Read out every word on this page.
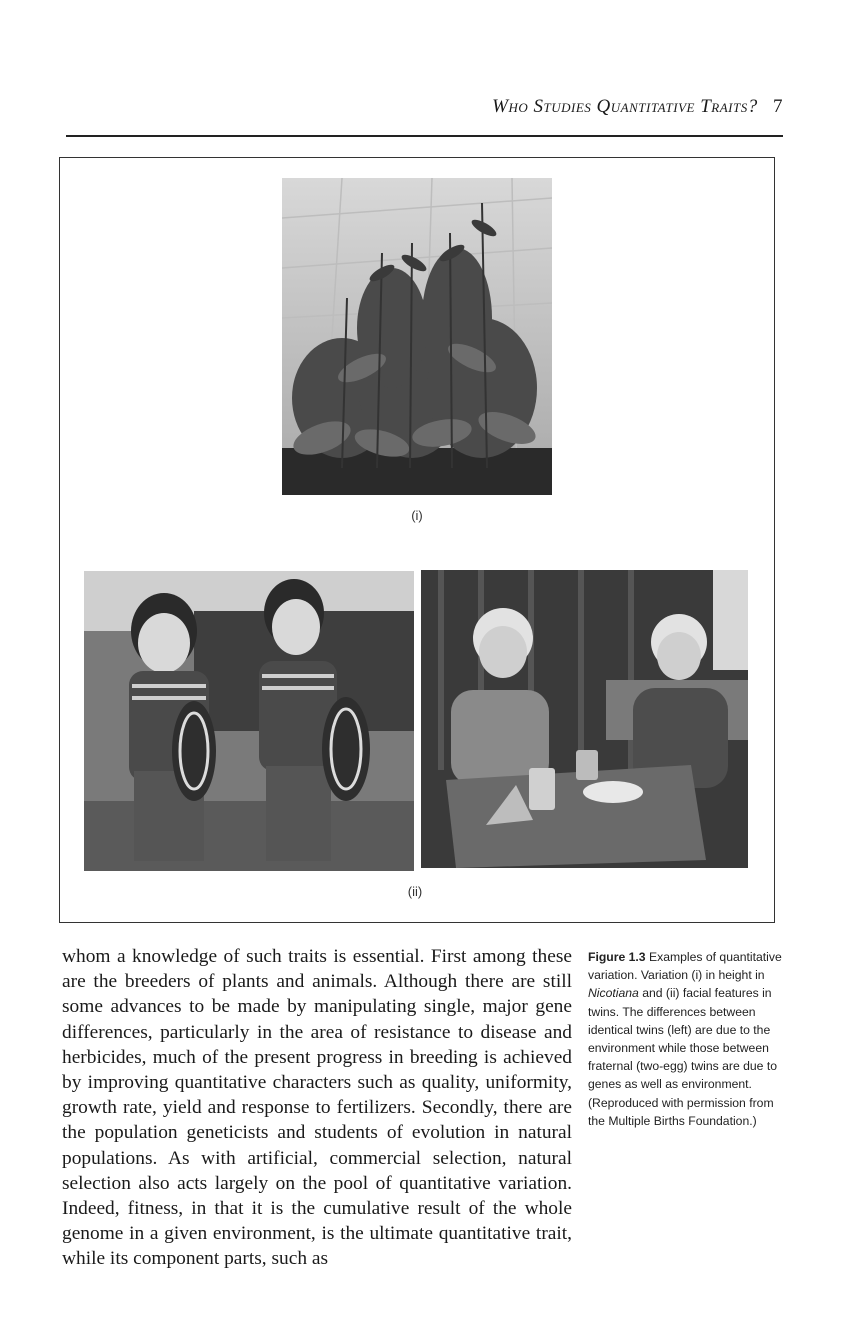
Who Studies Quantitative Traits? 7
(i)
(ii)

whom a knowledge of such traits is essential. First among these are the breeders of plants and animals. Although there are still some advances to be made by manipulating single, major gene differences, particularly in the area of resistance to disease and herbicides, much of the present progress in breeding is achieved by improving quantitative characters such as quality, uniformity, growth rate, yield and response to fertilizers. Secondly, there are the population geneticists and students of evolution in natural populations. As with artificial, commercial selection, natural selection also acts largely on the pool of quantitative variation. Indeed, fitness, in that it is the cumulative result of the whole genome in a given environment, is the ultimate quantitative trait, while its component parts, such as

Figure 1.3 Examples of quantitative variation. Variation (i) in height in Nicotiana and (ii) facial features in twins. The differences between identical twins (left) are due to the environment while those between fraternal (two-egg) twins are due to genes as well as environment. (Reproduced with permission from the Multiple Births Foundation.)
